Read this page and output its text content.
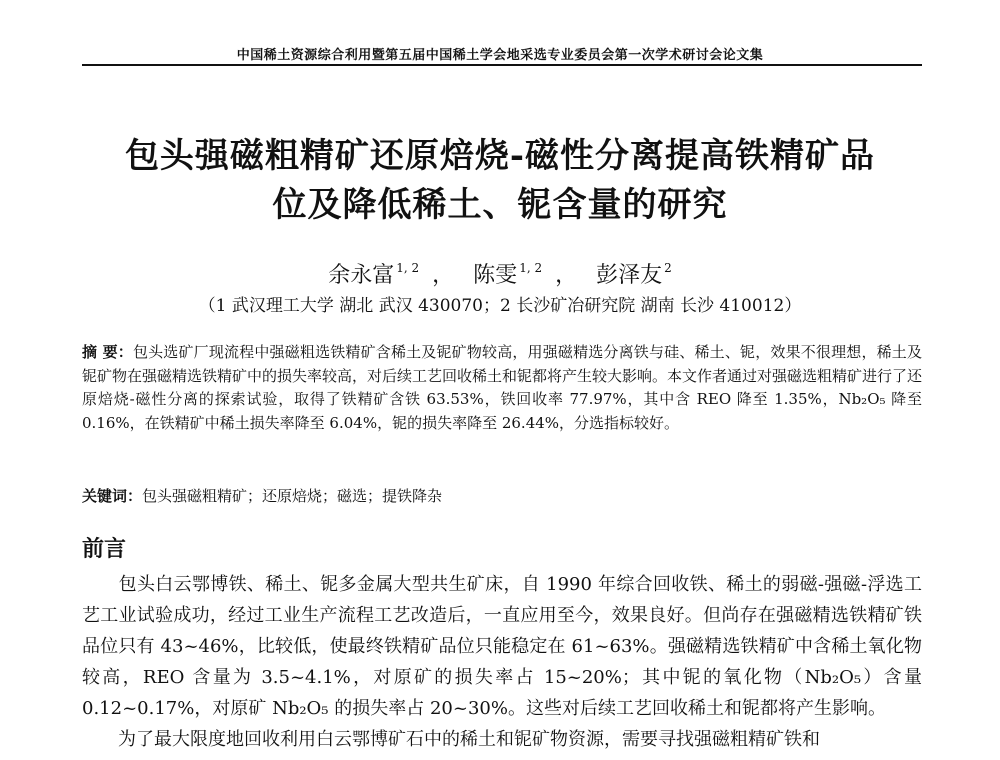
中国稀土资源综合利用暨第五届中国稀土学会地采选专业委员会第一次学术研讨会论文集
包头强磁粗精矿还原焙烧-磁性分离提高铁精矿品
位及降低稀土、铌含量的研究
余永富 $^{1, 2}$ ， 陈雯 $^{1, 2}$ ， 彭泽友 $^2$
（1 武汉理工大学 湖北 武汉 430070；2 长沙矿冶研究院 湖南 长沙 410012）
摘 要：包头选矿厂现流程中强磁粗选铁精矿含稀土及铌矿物较高，用强磁精选分离铁与硅、稀土、铌，效果不很理想，稀土及铌矿物在强磁精选铁精矿中的损失率较高，对后续工艺回收稀土和铌都将产生较大影响。本文作者通过对强磁选粗精矿进行了还原焙烧-磁性分离的探索试验，取得了铁精矿含铁 63.53%，铁回收率 77.97%，其中含 REO 降至 1.35%，Nb₂O₅ 降至 0.16%，在铁精矿中稀土损失率降至 6.04%，铌的损失率降至 26.44%，分选指标较好。
关键词：包头强磁粗精矿；还原焙烧；磁选；提铁降杂
前言

　　包头白云鄂博铁、稀土、铌多金属大型共生矿床，自 1990 年综合回收铁、稀土的弱磁-强磁-浮选工艺工业试验成功，经过工业生产流程工艺改造后，一直应用至今，效果良好。但尚存在强磁精选铁精矿铁品位只有 43~46%，比较低，使最终铁精矿品位只能稳定在 61~63%。强磁精选铁精矿中含稀土氧化物较高，REO 含量为 3.5~4.1%，对原矿的损失率占 15~20%；其中铌的氧化物（Nb₂O₅）含量 0.12~0.17%，对原矿 Nb₂O₅ 的损失率占 20~30%。这些对后续工艺回收稀土和铌都将产生影响。

　　为了最大限度地回收利用白云鄂博矿石中的稀土和铌矿物资源，需要寻找强磁粗精矿铁和
